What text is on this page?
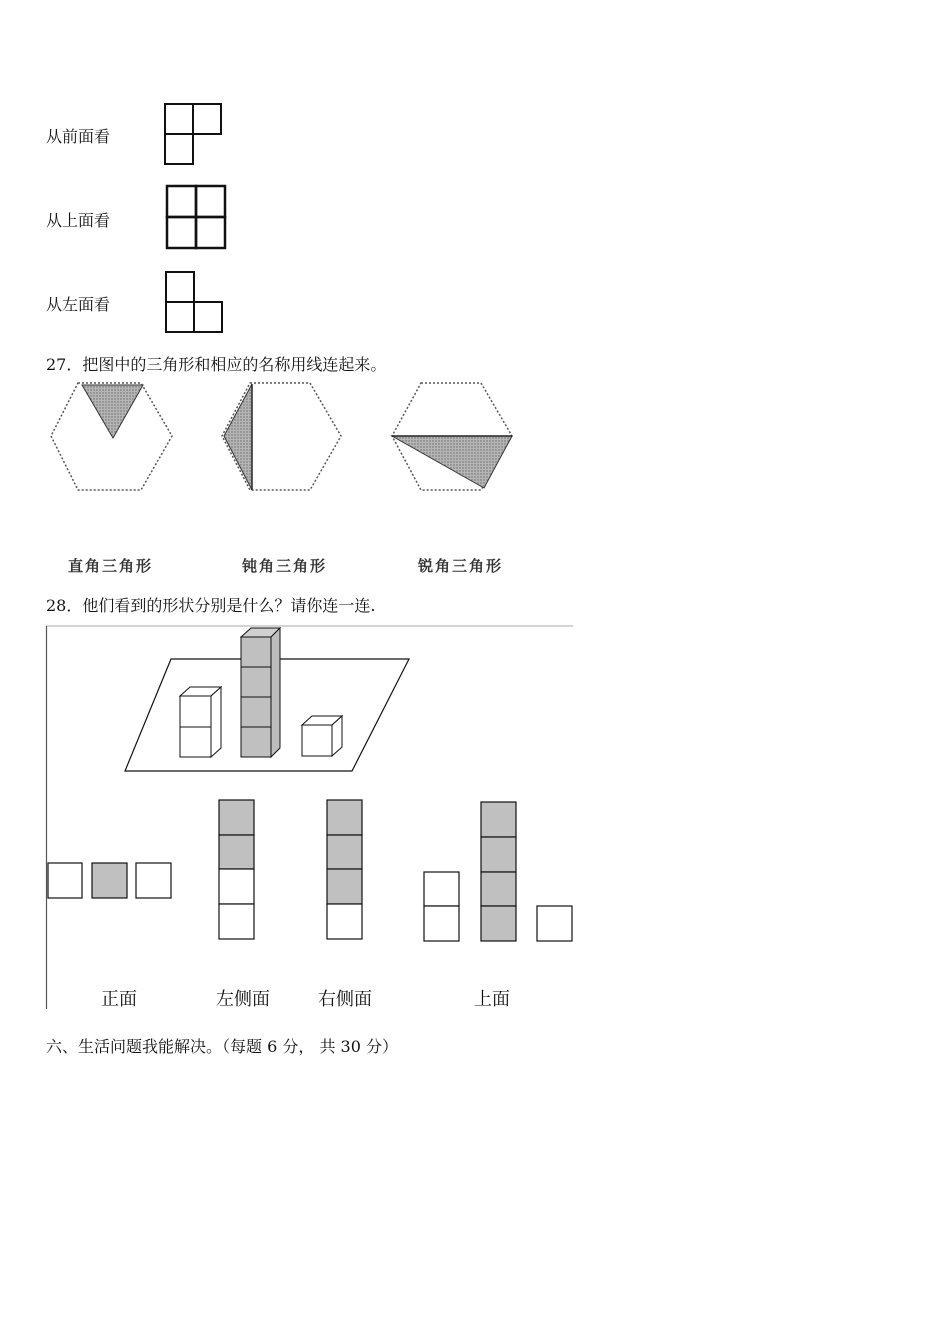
从前面看
从上面看
从左面看
27．把图中的三角形和相应的名称用线连起来。
直角三角形	钝角三角形	锐角三角形
28．他们看到的形状分别是什么？请你连一连.
正面	左侧面	右侧面	上面
六、生活问题我能解决。（每题 6 分， 共 30 分）
